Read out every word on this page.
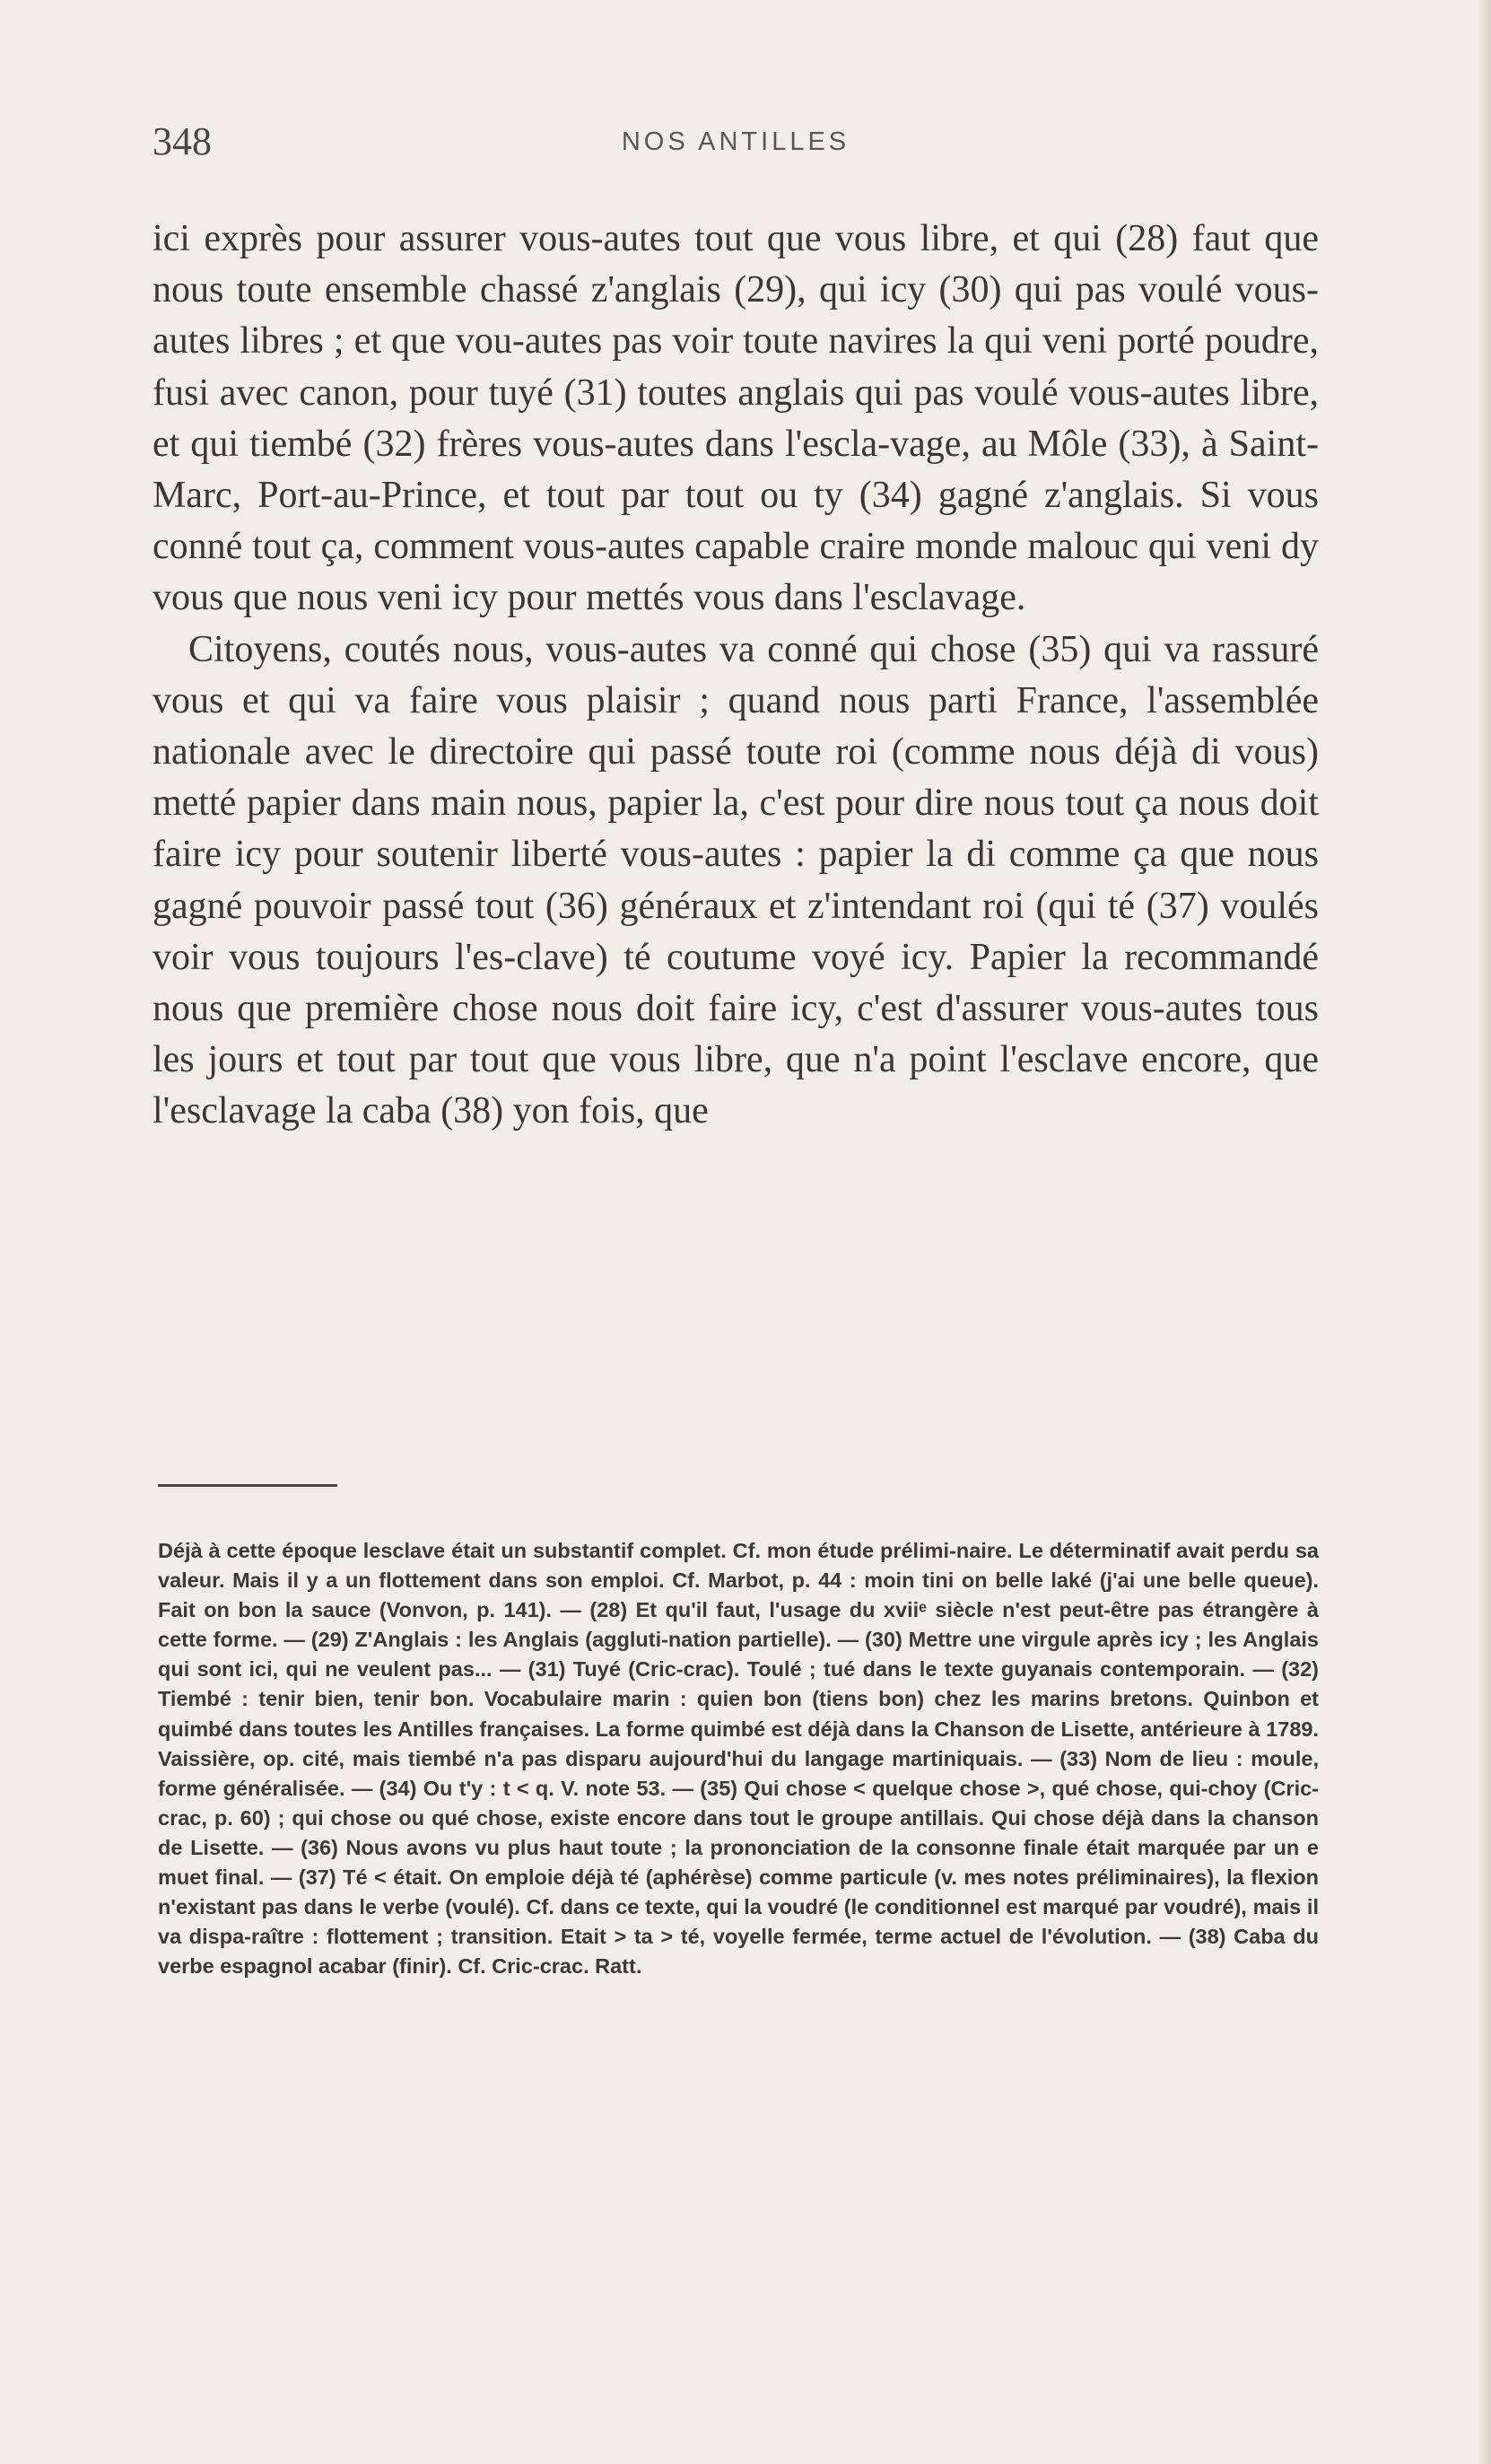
348	NOS ANTILLES

ici exprès pour assurer vous-autes tout que vous libre, et qui (28) faut que nous toute ensemble chassé z'anglais (29), qui icy (30) qui pas voulé vous-autes libres ; et que vou-autes pas voir toute navires la qui veni porté poudre, fusi avec canon, pour tuyé (31) toutes anglais qui pas voulé vous-autes libre, et qui tiembé (32) frères vous-autes dans l'escla-vage, au Môle (33), à Saint-Marc, Port-au-Prince, et tout par tout ou ty (34) gagné z'anglais. Si vous conné tout ça, comment vous-autes capable craire monde malouc qui veni dy vous que nous veni icy pour mettés vous dans l'esclavage.

Citoyens, coutés nous, vous-autes va conné qui chose (35) qui va rassuré vous et qui va faire vous plaisir ; quand nous parti France, l'assemblée nationale avec le directoire qui passé toute roi (comme nous déjà di vous) metté papier dans main nous, papier la, c'est pour dire nous tout ça nous doit faire icy pour soutenir liberté vous-autes : papier la di comme ça que nous gagné pouvoir passé tout (36) généraux et z'intendant roi (qui té (37) voulés voir vous toujours l'es-clave) té coutume voyé icy. Papier la recommandé nous que première chose nous doit faire icy, c'est d'assurer vous-autes tous les jours et tout par tout que vous libre, que n'a point l'esclave encore, que l'esclavage la caba (38) yon fois, que

Déjà à cette époque lesclave était un substantif complet. Cf. mon étude prélimi-naire. Le déterminatif avait perdu sa valeur. Mais il y a un flottement dans son emploi. Cf. Marbot, p. 44 : moin tini on belle laké (j'ai une belle queue). Fait on bon la sauce (Vonvon, p. 141). — (28) Et qu'il faut, l'usage du xviiᵉ siècle n'est peut-être pas étrangère à cette forme. — (29) Z'Anglais : les Anglais (aggluti-nation partielle). — (30) Mettre une virgule après icy ; les Anglais qui sont ici, qui ne veulent pas... — (31) Tuyé (Cric-crac). Toulé ; tué dans le texte guyanais contemporain. — (32) Tiembé : tenir bien, tenir bon. Vocabulaire marin : quien bon (tiens bon) chez les marins bretons. Quinbon et quimbé dans toutes les Antilles françaises. La forme quimbé est déjà dans la Chanson de Lisette, antérieure à 1789. Vaissière, op. cité, mais tiembé n'a pas disparu aujourd'hui du langage martiniquais. — (33) Nom de lieu : moule, forme généralisée. — (34) Ou t'y : t < q. V. note 53. — (35) Qui chose < quelque chose >, qué chose, qui-choy (Cric-crac, p. 60) ; qui chose ou qué chose, existe encore dans tout le groupe antillais. Qui chose déjà dans la chanson de Lisette. — (36) Nous avons vu plus haut toute ; la prononciation de la consonne finale était marquée par un e muet final. — (37) Té < était. On emploie déjà té (aphérèse) comme particule (v. mes notes préliminaires), la flexion n'existant pas dans le verbe (voulé). Cf. dans ce texte, qui la voudré (le conditionnel est marqué par voudré), mais il va dispa-raître : flottement ; transition. Etait > ta > té, voyelle fermée, terme actuel de l'évolution. — (38) Caba du verbe espagnol acabar (finir). Cf. Cric-crac. Ratt.
